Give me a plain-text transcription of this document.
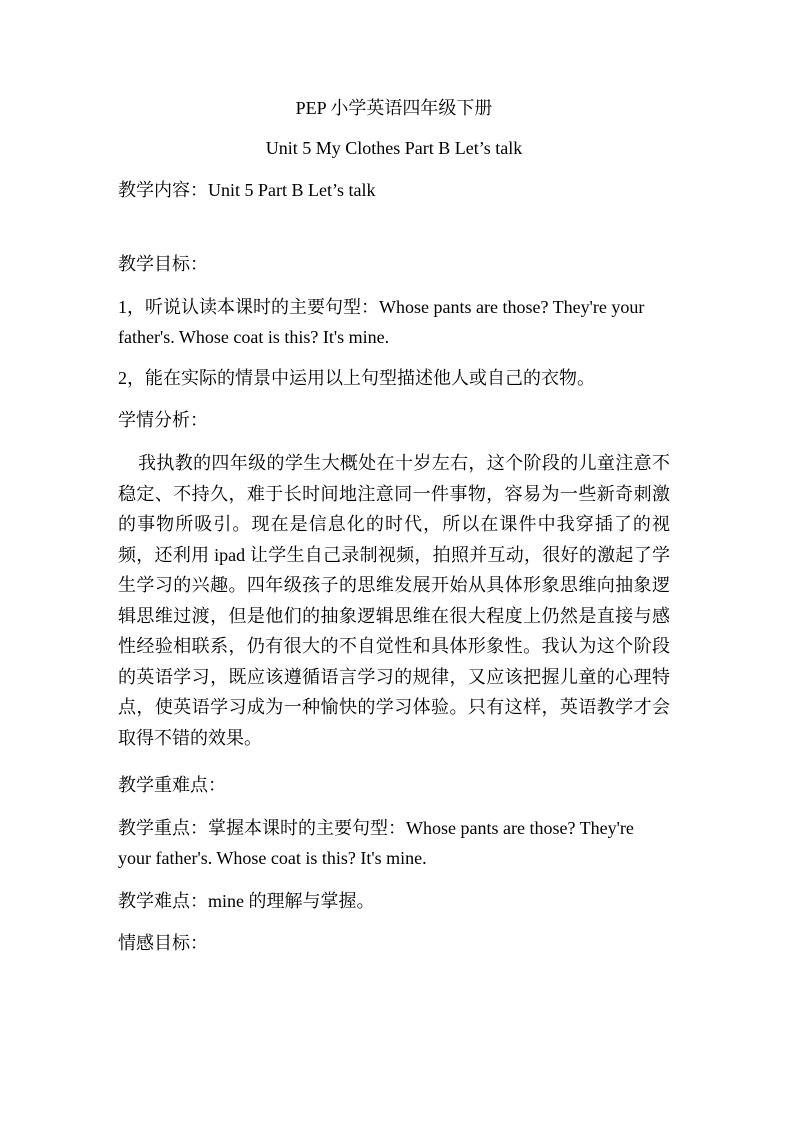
PEP 小学英语四年级下册

Unit 5 My Clothes Part B Let’s talk

教学内容：Unit 5 Part B Let’s talk

教学目标：

1，听说认读本课时的主要句型：Whose pants are those? They're your father's. Whose coat is this? It's mine.

2，能在实际的情景中运用以上句型描述他人或自己的衣物。

学情分析：

我执教的四年级的学生大概处在十岁左右，这个阶段的儿童注意不稳定、不持久，难于长时间地注意同一件事物，容易为一些新奇刺激的事物所吸引。现在是信息化的时代，所以在课件中我穿插了的视频，还利用 ipad 让学生自己录制视频，拍照并互动，很好的激起了学生学习的兴趣。四年级孩子的思维发展开始从具体形象思维向抽象逻辑思维过渡，但是他们的抽象逻辑思维在很大程度上仍然是直接与感性经验相联系，仍有很大的不自觉性和具体形象性。我认为这个阶段的英语学习，既应该遵循语言学习的规律，又应该把握儿童的心理特点，使英语学习成为一种愉快的学习体验。只有这样，英语教学才会取得不错的效果。

教学重难点：

教学重点：掌握本课时的主要句型：Whose pants are those? They're your father's. Whose coat is this? It's mine.

教学难点：mine 的理解与掌握。

情感目标：
